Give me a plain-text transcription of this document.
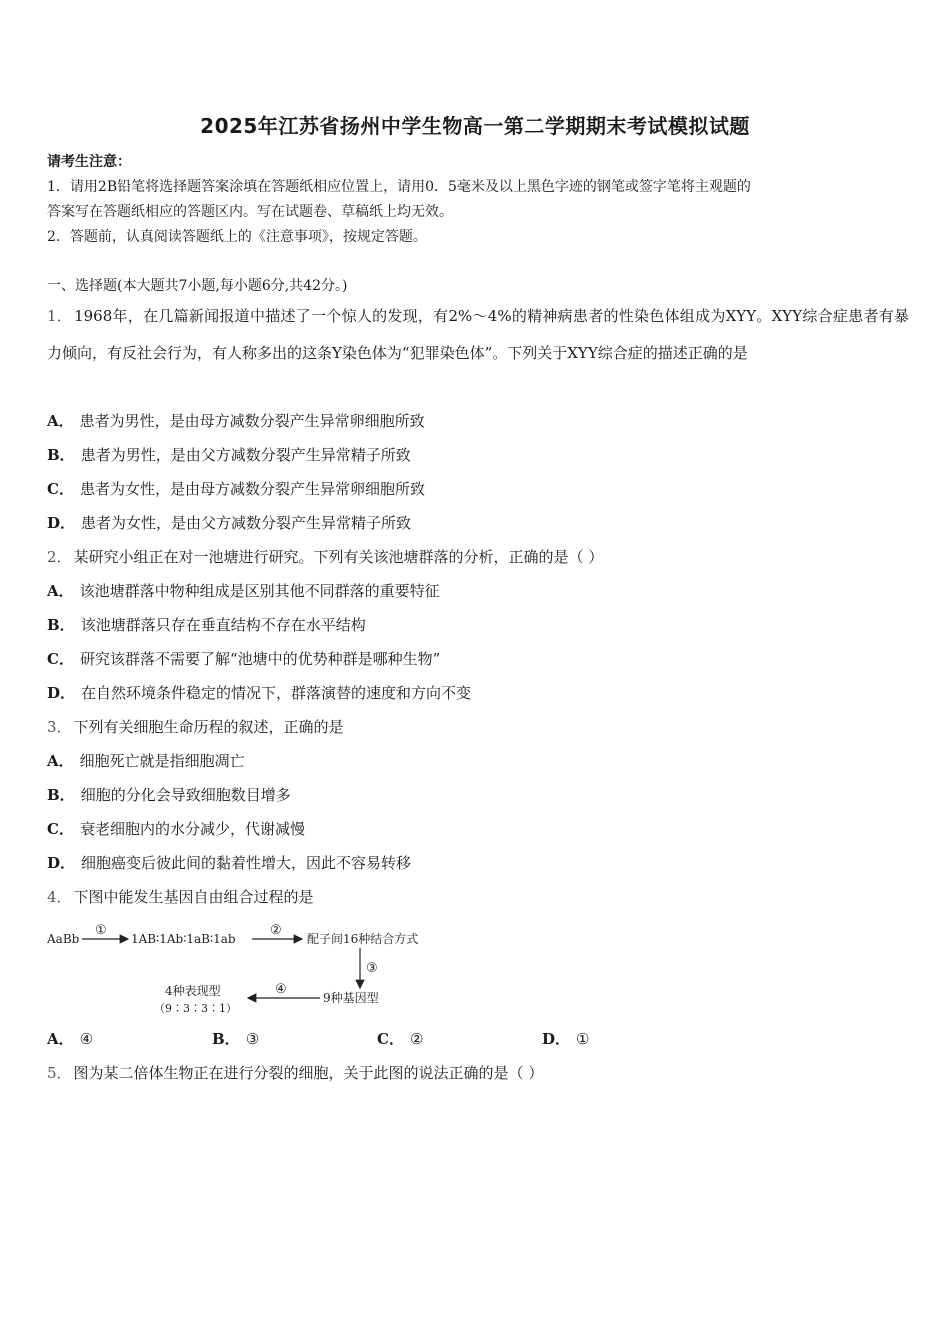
2025年江苏省扬州中学生物高一第二学期期末考试模拟试题
请考生注意：
1．请用2B铅笔将选择题答案涂填在答题纸相应位置上，请用0．5毫米及以上黑色字迹的钢笔或签字笔将主观题的
答案写在答题纸相应的答题区内。写在试题卷、草稿纸上均无效。
2．答题前，认真阅读答题纸上的《注意事项》，按规定答题。
一、选择题(本大题共7小题,每小题6分,共42分。)
1． 1968年，在几篇新闻报道中描述了一个惊人的发现，有2%～4%的精神病患者的性染色体组成为XYY。XYY综合症患者有暴力倾向，有反社会行为，有人称多出的这条Y染色体为“犯罪染色体”。下列关于XYY综合症的描述正确的是
A． 患者为男性，是由母方减数分裂产生异常卵细胞所致
B． 患者为男性，是由父方减数分裂产生异常精子所致
C． 患者为女性，是由母方减数分裂产生异常卵细胞所致
D． 患者为女性，是由父方减数分裂产生异常精子所致
2． 某研究小组正在对一池塘进行研究。下列有关该池塘群落的分析，正确的是（ ）
A． 该池塘群落中物种组成是区别其他不同群落的重要特征
B． 该池塘群落只存在垂直结构不存在水平结构
C． 研究该群落不需要了解“池塘中的优势种群是哪种生物”
D． 在自然环境条件稳定的情况下，群落演替的速度和方向不变
3． 下列有关细胞生命历程的叙述，正确的是
A． 细胞死亡就是指细胞凋亡
B． 细胞的分化会导致细胞数目增多
C． 衰老细胞内的水分减少，代谢减慢
D． 细胞癌变后彼此间的黏着性增大，因此不容易转移
4． 下图中能发生基因自由组合过程的是
AaBb
①
1AB∶1Ab∶1aB∶1ab
②
配子间16种结合方式
③
9种基因型
④
4种表现型
（9∶3∶3∶1）
A． ④	B． ③	C． ②	D． ①
5． 图为某二倍体生物正在进行分裂的细胞，关于此图的说法正确的是（ ）
